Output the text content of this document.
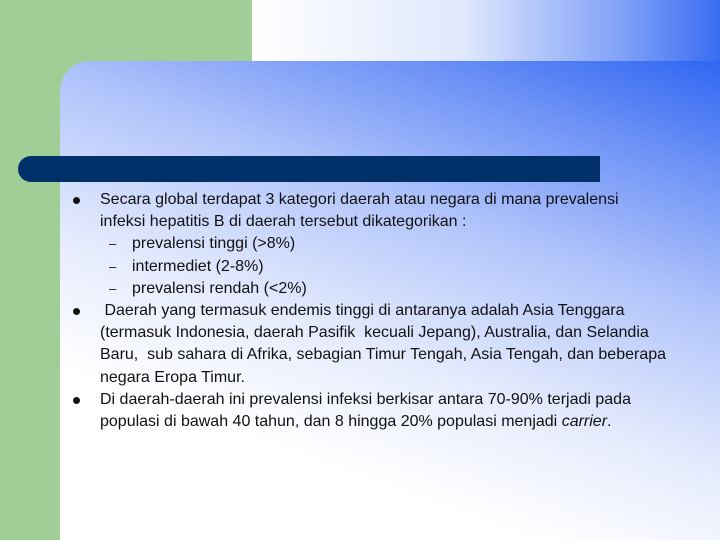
Secara global terdapat 3 kategori daerah atau negara di mana prevalensi infeksi hepatitis B di daerah tersebut dikategorikan :
– prevalensi tinggi (>8%)
– intermediet (2-8%)
– prevalensi rendah (<2%)
Daerah yang termasuk endemis tinggi di antaranya adalah Asia Tenggara (termasuk Indonesia, daerah Pasifik  kecuali Jepang), Australia, dan Selandia Baru,  sub sahara di Afrika, sebagian Timur Tengah, Asia Tengah, dan beberapa negara Eropa Timur.
Di daerah-daerah ini prevalensi infeksi berkisar antara 70-90% terjadi pada populasi di bawah 40 tahun, dan 8 hingga 20% populasi menjadi carrier.
